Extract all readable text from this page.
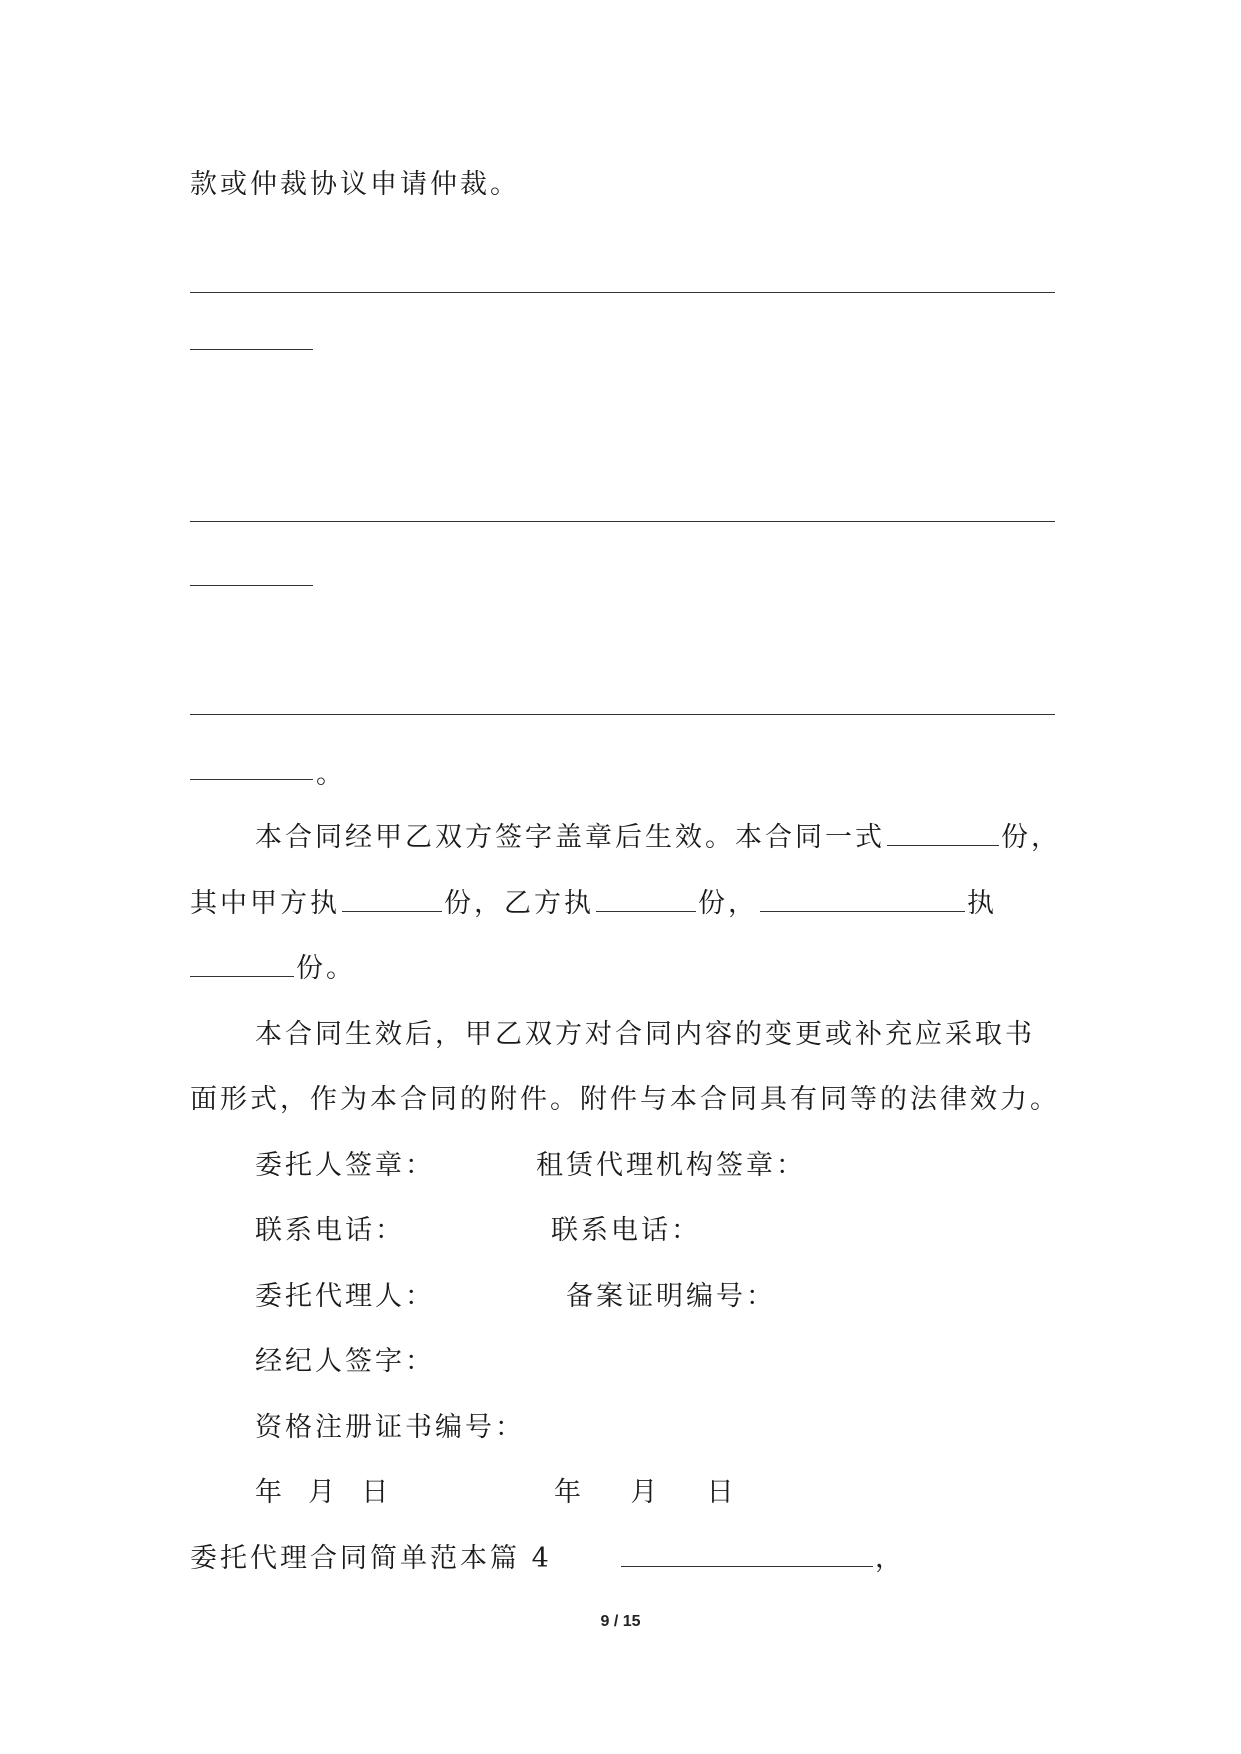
款或仲裁协议申请仲裁。
。
本合同经甲乙双方签字盖章后生效。本合同一式	份，
其中甲方执	份，乙方执	份，	执
份。
本合同生效后，甲乙双方对合同内容的变更或补充应采取书
面形式，作为本合同的附件。附件与本合同具有同等的法律效力。
委托人签章：	租赁代理机构签章：
联系电话：	联系电话：
委托代理人：	备案证明编号：
经纪人签字：
资格注册证书编号：
年  月  日	年    月    日
委托代理合同简单范本篇 4	，
9 / 15
